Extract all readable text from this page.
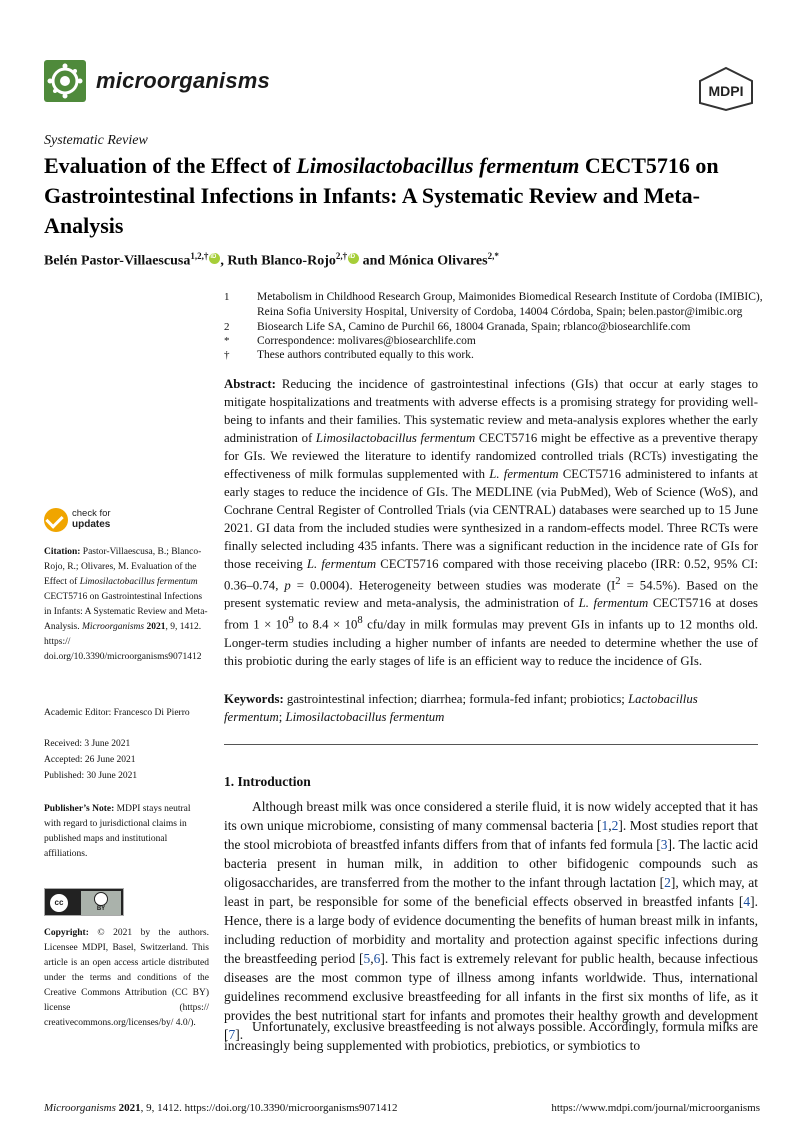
microorganisms	MDPI
Systematic Review
Evaluation of the Effect of Limosilactobacillus fermentum CECT5716 on Gastrointestinal Infections in Infants: A Systematic Review and Meta-Analysis
Belén Pastor-Villaescusa$^{1,2,\dagger}$iD , Ruth Blanco-Rojo$^{2,\dagger}$iD and Mónica Olivares$^{2,*}$
1	Metabolism in Childhood Research Group, Maimonides Biomedical Research Institute of Cordoba (IMIBIC), Reina Sofia University Hospital, University of Cordoba, 14004 Córdoba, Spain; belen.pastor@imibic.org
2	Biosearch Life SA, Camino de Purchil 66, 18004 Granada, Spain; rblanco@biosearchlife.com
*	Correspondence: molivares@biosearchlife.com
†	These authors contributed equally to this work.
Abstract: Reducing the incidence of gastrointestinal infections (GIs) that occur at early stages to mitigate hospitalizations and treatments with adverse effects is a promising strategy for providing well-being to infants and their families. This systematic review and meta-analysis explores whether the early administration of Limosilactobacillus fermentum CECT5716 might be effective as a preventive therapy for GIs. We reviewed the literature to identify randomized controlled trials (RCTs) investigating the effectiveness of milk formulas supplemented with L. fermentum CECT5716 administered to infants at early stages to reduce the incidence of GIs. The MEDLINE (via PubMed), Web of Science (WoS), and Cochrane Central Register of Controlled Trials (via CENTRAL) databases were searched up to 15 June 2021. GI data from the included studies were synthesized in a random-effects model. Three RCTs were finally selected including 435 infants. There was a significant reduction in the incidence rate of GIs for those receiving L. fermentum CECT5716 compared with those receiving placebo (IRR: 0.52, 95% CI: 0.36–0.74, p = 0.0004). Heterogeneity between studies was moderate $(I^2 = 54.5\%)$. Based on the present systematic review and meta-analysis, the administration of L. fermentum CECT5716 at doses from $1 \times 10^9$ to $8.4 \times 10^8$ cfu/day in milk formulas may prevent GIs in infants up to 12 months old. Longer-term studies including a higher number of infants are needed to determine whether the use of this probiotic during the early stages of life is an efficient way to reduce the incidence of GIs.
Keywords: gastrointestinal infection; diarrhea; formula-fed infant; probiotics; Lactobacillus fermentum; Limosilactobacillus fermentum
1. Introduction
Although breast milk was once considered a sterile fluid, it is now widely accepted that it has its own unique microbiome, consisting of many commensal bacteria [1,2]. Most studies report that the stool microbiota of breastfed infants differs from that of infants fed formula [3]. The lactic acid bacteria present in human milk, in addition to other bifidogenic compounds such as oligosaccharides, are transferred from the mother to the infant through lactation [2], which may, at least in part, be responsible for some of the beneficial effects observed in breastfed infants [4]. Hence, there is a large body of evidence documenting the benefits of human breast milk in infants, including reduction of morbidity and mortality and protection against specific infections during the breastfeeding period [5,6]. This fact is extremely relevant for public health, because infectious diseases are the most common type of illness among infants worldwide. Thus, international guidelines recommend exclusive breastfeeding for all infants in the first six months of life, as it provides the best nutritional start for infants and promotes their healthy growth and development [7].
Unfortunately, exclusive breastfeeding is not always possible. Accordingly, formula milks are increasingly being supplemented with probiotics, prebiotics, or symbiotics to
check for
updates
Citation: Pastor-Villaescusa, B.; Blanco-Rojo, R.; Olivares, M. Evaluation of the Effect of Limosilactobacillus fermentum CECT5716 on Gastrointestinal Infections in Infants: A Systematic Review and Meta-Analysis. Microorganisms 2021, 9, 1412. https:// doi.org/10.3390/microorganisms9071412
Academic Editor: Francesco Di Pierro
Received: 3 June 2021
Accepted: 26 June 2021
Published: 30 June 2021
Publisher’s Note: MDPI stays neutral with regard to jurisdictional claims in published maps and institutional affiliations.
cc
BY
Copyright: © 2021 by the authors. Licensee MDPI, Basel, Switzerland. This article is an open access article distributed under the terms and conditions of the Creative Commons Attribution (CC BY) license (https:// creativecommons.org/licenses/by/ 4.0/).
Microorganisms 2021, 9, 1412. https://doi.org/10.3390/microorganisms9071412	https://www.mdpi.com/journal/microorganisms
